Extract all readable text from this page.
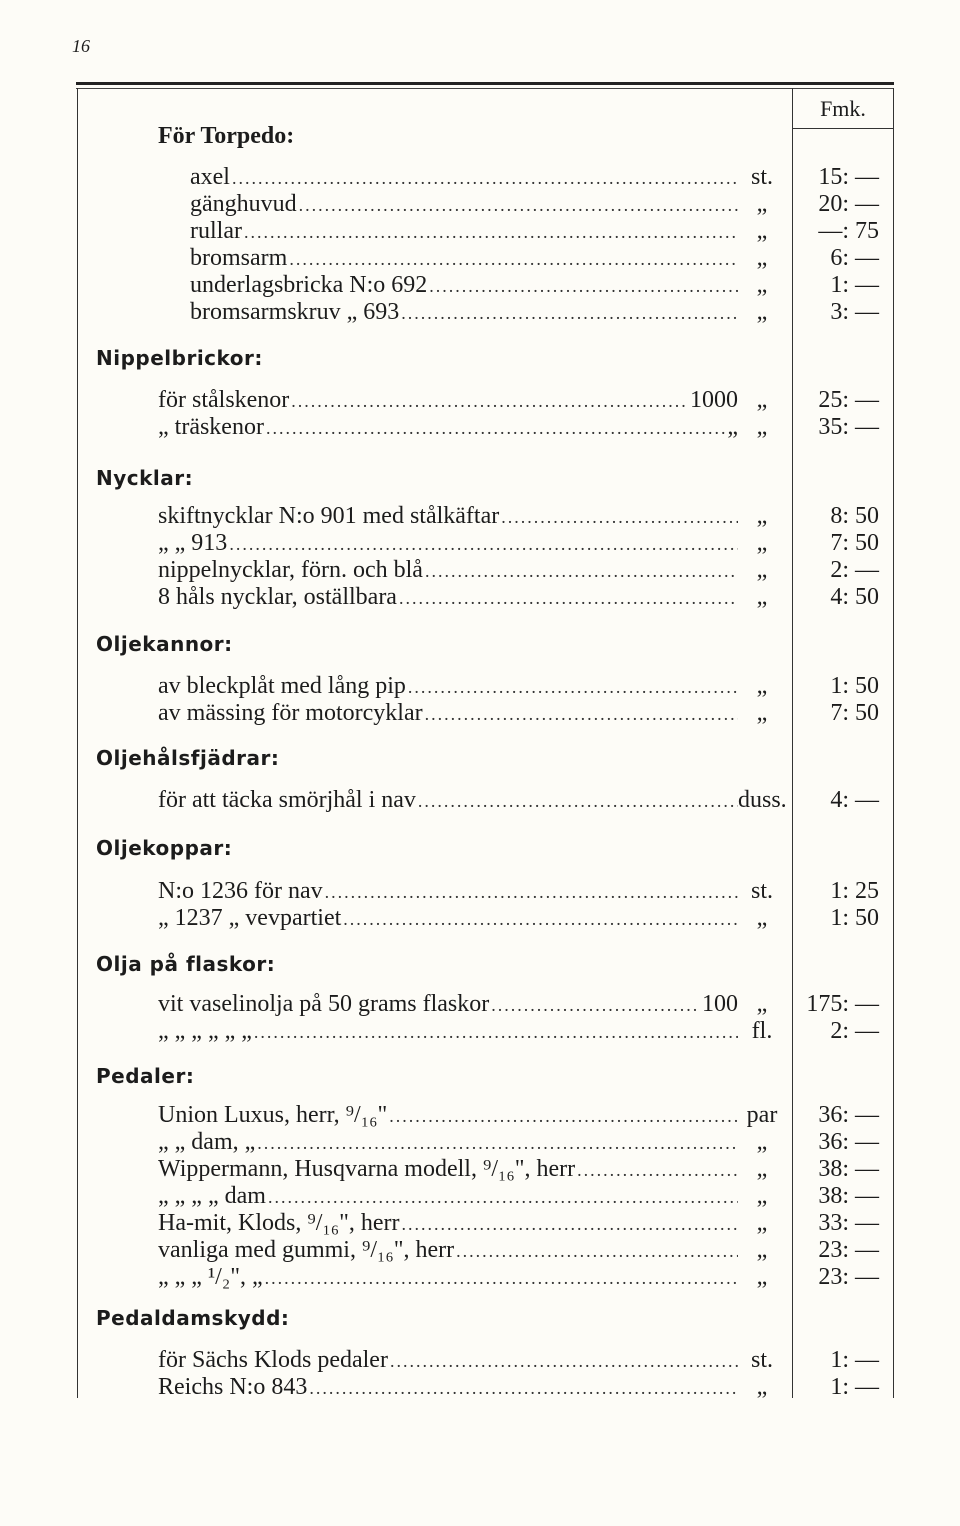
16
Fmk.
För Torpedo:
axel .....	st.	15: —
gänghuvud .....	„	20: —
rullar .....	„	—: 75
bromsarm .....	„	6: —
underlagsbricka N:o 692 .....	„	1: —
bromsarmskruv „ 693 .....	„	3: —
Nippelbrickor:
för stålskenor .....	1000 „	25: —
„ träskenor .....	„ „	35: —
Nycklar:
skiftnycklar N:o 901 med stålkäftar .....	„	8: 50
„ „ 913 .....	„	7: 50
nippelnycklar, förn. och blå .....	„	2: —
8 håls nycklar, oställbara .....	„	4: 50
Oljekannor:
av bleckplåt med lång pip .....	„	1: 50
av mässing för motorcyklar .....	„	7: 50
Oljehålsfjädrar:
för att täcka smörjhål i nav .....	duss.	4: —
Oljekoppar:
N:o 1236 för nav .....	st.	1: 25
„ 1237 „ vevpartiet .....	„	1: 50
Olja på flaskor:
vit vaselinolja på 50 grams flaskor .....	100 „	175: —
„ „ „ „ „ „ .....	fl.	2: —
Pedaler:
Union Luxus, herr, ⁹/₁₆" .....	par	36: —
„ „ dam, „ .....	„	36: —
Wippermann, Husqvarna modell, ⁹/₁₆", herr .....	„	38: —
„ „ „ „ dam .....	„	38: —
Ha-mit, Klods, ⁹/₁₆", herr .....	„	33: —
vanliga med gummi, ⁹/₁₆", herr .....	„	23: —
„ „ „ ¹/₂", „ .....	„	23: —
Pedaldamskydd:
för Sächs Klods pedaler .....	st.	1: —
Reichs N:o 843 .....	„	1: —
